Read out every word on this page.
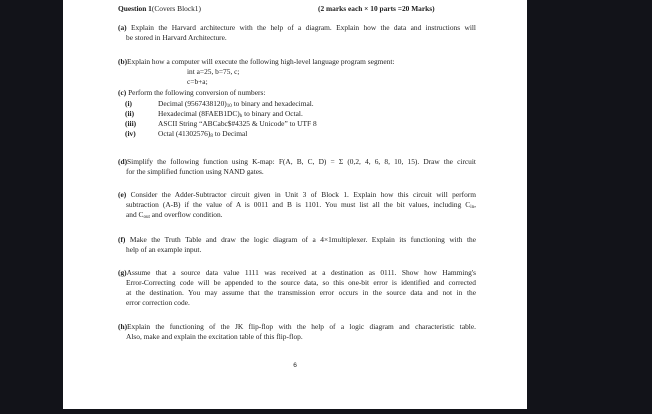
Question 1(Covers Block1)	(2 marks each × 10 parts =20 Marks)
(a) Explain the Harvard architecture with the help of a diagram. Explain how the data and instructions will
be stored in Harvard Architecture.
(b)Explain how a computer will execute the following high-level language program segment:
int a=25, b=75, c;
c=b+a;
(c) Perform the following conversion of numbers:
(i)	Decimal $(9567438120)_{10}$ to binary and hexadecimal.
(ii)	Hexadecimal $(8FAEB1DC)_h$ to binary and Octal.
(iii)	ASCII String “ABCabc$#4325 & Unicode” to UTF 8
(iv)	Octal $(41302576)_8$ to Decimal
(d)Simplify the following function using K-map: F(A, B, C, D) = Σ (0,2, 4, 6, 8, 10, 15). Draw the circuit
for the simplified function using NAND gates.
(e) Consider the Adder-Subtractor circuit given in Unit 3 of Block 1. Explain how this circuit will perform
subtraction (A-B) if the value of A is 0011 and B is 1101. You must list all the bit values, including $C_{in}$,
and $C_{out}$ and overflow condition.
(f) Make the Truth Table and draw the logic diagram of a 4×1multiplexer. Explain its functioning with the
help of an example input.
(g)Assume that a source data value 1111 was received at a destination as 0111. Show how Hamming's
Error-Correcting code will be appended to the source data, so this one-bit error is identified and corrected
at the destination. You may assume that the transmission error occurs in the source data and not in the
error correction code.
(h)Explain the functioning of the JK flip-flop with the help of a logic diagram and characteristic table.
Also, make and explain the excitation table of this flip-flop.
6
